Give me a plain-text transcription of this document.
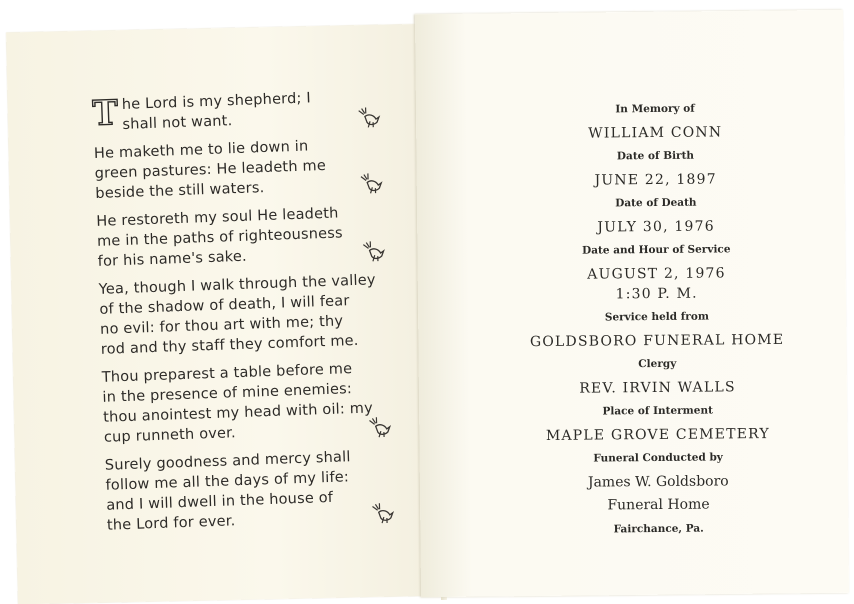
T he Lord is my shepherd; I
shall not want.
He maketh me to lie down in
green pastures: He leadeth me
beside the still waters.
He restoreth my soul He leadeth
me in the paths of righteousness
for his name's sake.
Yea, though I walk through the valley
of the shadow of death, I will fear
no evil: for thou art with me; thy
rod and thy staff they comfort me.
Thou preparest a table before me
in the presence of mine enemies:
thou anointest my head with oil: my
cup runneth over.
Surely goodness and mercy shall
follow me all the days of my life:
and I will dwell in the house of
the Lord for ever.
In Memory of
WILLIAM CONN
Date of Birth
JUNE 22, 1897
Date of Death
JULY 30, 1976
Date and Hour of Service
AUGUST 2, 1976
1:30 P. M.
Service held from
GOLDSBORO FUNERAL HOME
Clergy
REV. IRVIN WALLS
Place of Interment
MAPLE GROVE CEMETERY
Funeral Conducted by
James W. Goldsboro
Funeral Home
Fairchance, Pa.
